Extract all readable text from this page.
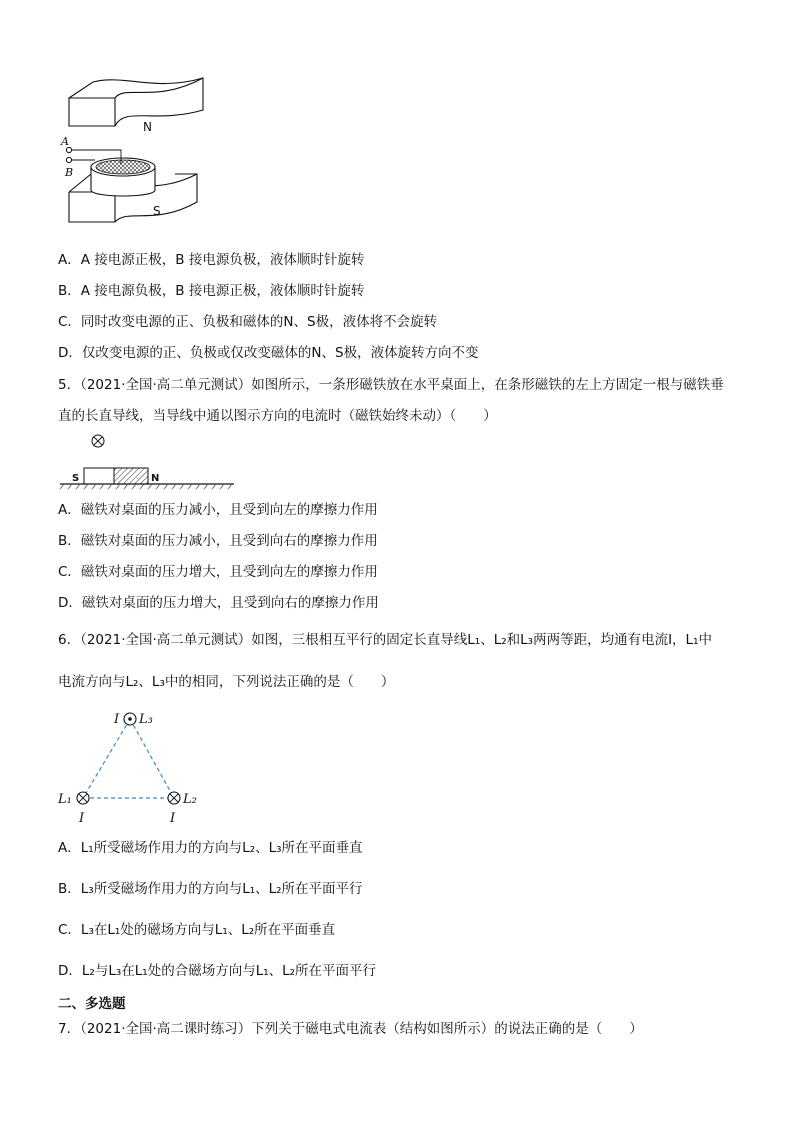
N
S
A
B
A．A 接电源正极，B 接电源负极，液体顺时针旋转
B．A 接电源负极，B 接电源正极，液体顺时针旋转
C．同时改变电源的正、负极和磁体的N、S极，液体将不会旋转
D．仅改变电源的正、负极或仅改变磁体的N、S极，液体旋转方向不变
5．（2021·全国·高二单元测试）如图所示，一条形磁铁放在水平桌面上，在条形磁铁的左上方固定一根与磁铁垂
直的长直导线，当导线中通以图示方向的电流时（磁铁始终未动）（　　）
S	N
A．磁铁对桌面的压力减小，且受到向左的摩擦力作用
B．磁铁对桌面的压力减小，且受到向右的摩擦力作用
C．磁铁对桌面的压力增大，且受到向左的摩擦力作用
D．磁铁对桌面的压力增大，且受到向右的摩擦力作用
6．（2021·全国·高二单元测试）如图，三根相互平行的固定长直导线L₁、L₂和L₃两两等距，均通有电流I，L₁中
电流方向与L₂、L₃中的相同，下列说法正确的是（　　）
I L₃
L₁
I
L₂
I
A．L₁所受磁场作用力的方向与L₂、L₃所在平面垂直
B．L₃所受磁场作用力的方向与L₁、L₂所在平面平行
C．L₃在L₁处的磁场方向与L₁、L₂所在平面垂直
D．L₂与L₃在L₁处的合磁场方向与L₁、L₂所在平面平行
二、多选题
7．（2021·全国·高二课时练习）下列关于磁电式电流表（结构如图所示）的说法正确的是（　　）
